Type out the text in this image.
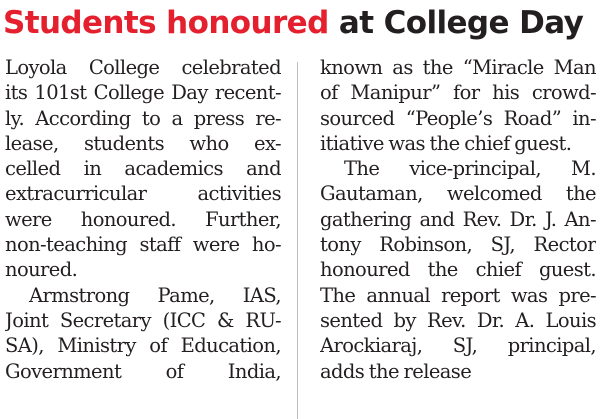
Students honoured at College Day
Loyola College celebrated
its 101st College Day recent-
ly. According to a press re-
lease, students who ex-
celled in academics and
extracurricular activities
were honoured. Further,
non-teaching staff were ho-
noured.
Armstrong Pame, IAS,
Joint Secretary (ICC & RU-
SA), Ministry of Education,
Government of India,
known as the “Miracle Man
of Manipur” for his crowd-
sourced “People’s Road” in-
itiative was the chief guest.
The vice-principal, M.
Gautaman, welcomed the
gathering and Rev. Dr. J. An-
tony Robinson, SJ, Rector
honoured the chief guest.
The annual report was pre-
sented by Rev. Dr. A. Louis
Arockiaraj, SJ, principal,
adds the release
